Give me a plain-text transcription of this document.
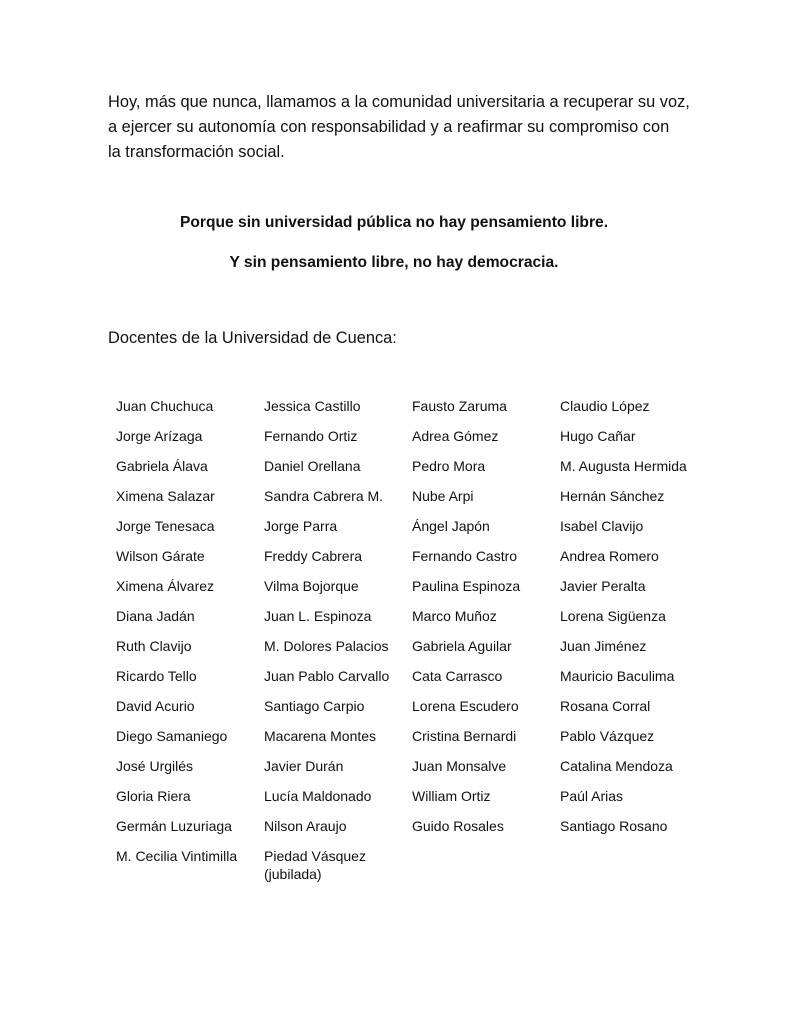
Hoy, más que nunca, llamamos a la comunidad universitaria a recuperar su voz,
a ejercer su autonomía con responsabilidad y a reafirmar su compromiso con
la transformación social.

Porque sin universidad pública no hay pensamiento libre.

Y sin pensamiento libre, no hay democracia.

Docentes de la Universidad de Cuenca:

Juan Chuchuca
Jorge Arízaga
Gabriela Álava
Ximena Salazar
Jorge Tenesaca
Wilson Gárate
Ximena Álvarez
Diana Jadán
Ruth Clavijo
Ricardo Tello
David Acurio
Diego Samaniego
José Urgilés
Gloria Riera
Germán Luzuriaga
M. Cecilia Vintimilla
Jessica Castillo
Fernando Ortiz
Daniel Orellana
Sandra Cabrera M.
Jorge Parra
Freddy Cabrera
Vilma Bojorque
Juan L. Espinoza
M. Dolores Palacios
Juan Pablo Carvallo
Santiago Carpio
Macarena Montes
Javier Durán
Lucía Maldonado
Nilson Araujo
Piedad Vásquez (jubilada)
Fausto Zaruma
Adrea Gómez
Pedro Mora
Nube Arpi
Ángel Japón
Fernando Castro
Paulina Espinoza
Marco Muñoz
Gabriela Aguilar
Cata Carrasco
Lorena Escudero
Cristina Bernardi
Juan Monsalve
William Ortiz
Guido Rosales
Claudio López
Hugo Cañar
M. Augusta Hermida
Hernán Sánchez
Isabel Clavijo
Andrea Romero
Javier Peralta
Lorena Sigüenza
Juan Jiménez
Mauricio Baculima
Rosana Corral
Pablo Vázquez
Catalina Mendoza
Paúl Arias
Santiago Rosano
